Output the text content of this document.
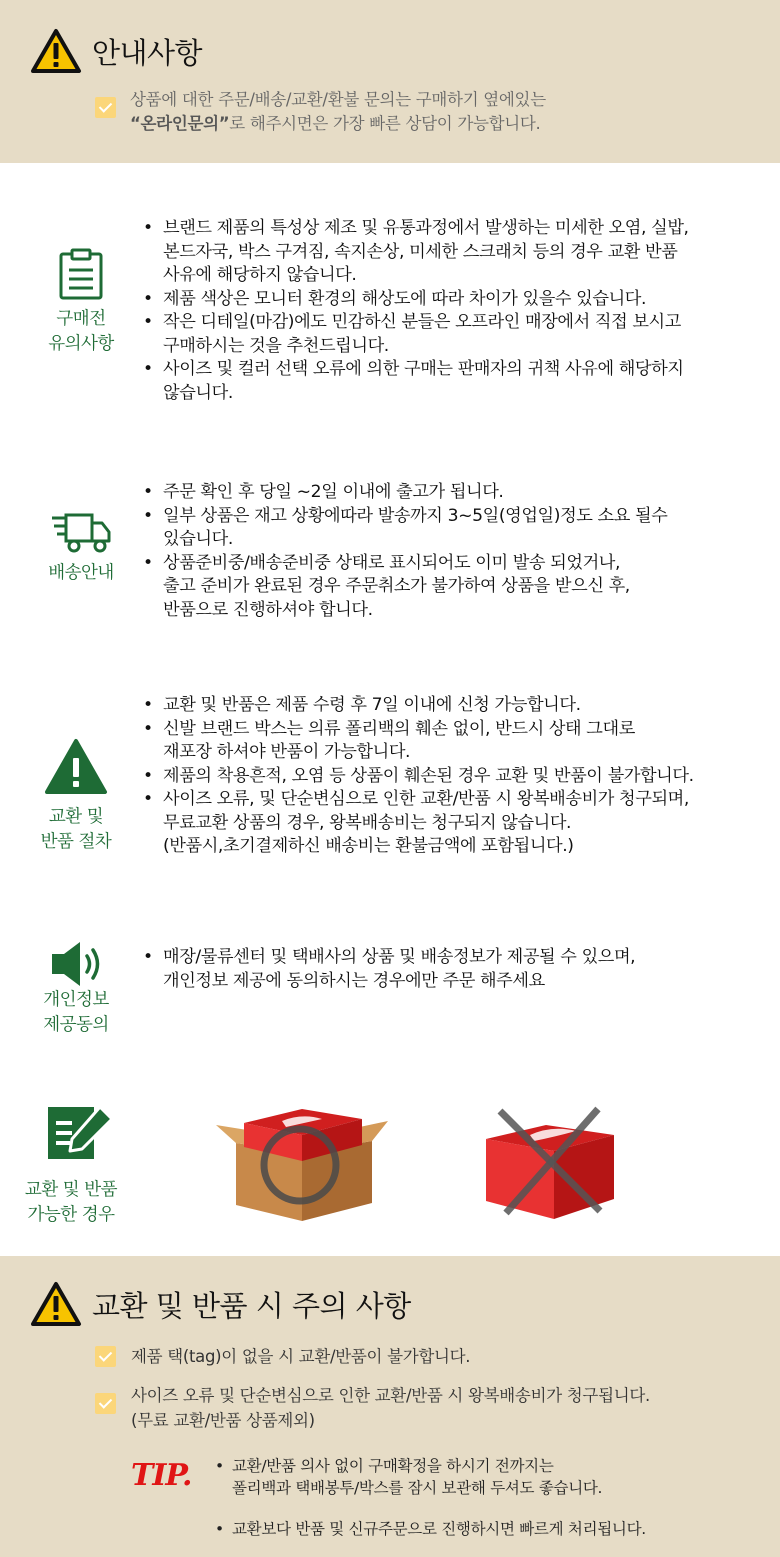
안내사항
상품에 대한 주문/배송/교환/환불 문의는 구매하기 옆에있는
“온라인문의”로 해주시면은 가장 빠른 상담이 가능합니다.
구매전
유의사항
• 브랜드 제품의 특성상 제조 및 유통과정에서 발생하는 미세한 오염, 실밥,
본드자국, 박스 구겨짐, 속지손상, 미세한 스크래치 등의 경우 교환 반품
사유에 해당하지 않습니다.
• 제품 색상은 모니터 환경의 해상도에 따라 차이가 있을수 있습니다.
• 작은 디테일(마감)에도 민감하신 분들은 오프라인 매장에서 직접 보시고
구매하시는 것을 추천드립니다.
• 사이즈 및 컬러 선택 오류에 의한 구매는 판매자의 귀책 사유에 해당하지
않습니다.
배송안내
• 주문 확인 후 당일 ~2일 이내에 출고가 됩니다.
• 일부 상품은 재고 상황에따라 발송까지 3~5일(영업일)정도 소요 될수
있습니다.
• 상품준비중/배송준비중 상태로 표시되어도 이미 발송 되었거나,
출고 준비가 완료된 경우 주문취소가 불가하여 상품을 받으신 후,
반품으로 진행하셔야 합니다.
교환 및
반품 절차
• 교환 및 반품은 제품 수령 후 7일 이내에 신청 가능합니다.
• 신발 브랜드 박스는 의류 폴리백의 훼손 없이, 반드시 상태 그대로
재포장 하셔야 반품이 가능합니다.
• 제품의 착용흔적, 오염 등 상품이 훼손된 경우 교환 및 반품이 불가합니다.
• 사이즈 오류, 및 단순변심으로 인한 교환/반품 시 왕복배송비가 청구되며,
무료교환 상품의 경우, 왕복배송비는 청구되지 않습니다.
(반품시,초기결제하신 배송비는 환불금액에 포함됩니다.)
개인정보
제공동의
• 매장/물류센터 및 택배사의 상품 및 배송정보가 제공될 수 있으며,
개인정보 제공에 동의하시는 경우에만 주문 해주세요
교환 및 반품
가능한 경우
교환 및 반품 시 주의 사항
제품 택(tag)이 없을 시 교환/반품이 불가합니다.
사이즈 오류 및 단순변심으로 인한 교환/반품 시 왕복배송비가 청구됩니다.
(무료 교환/반품 상품제외)
TIP.
•	교환/반품 의사 없이 구매확정을 하시기 전까지는
폴리백과 택배봉투/박스를 잠시 보관해 두셔도 좋습니다.
• 교환보다 반품 및 신규주문으로 진행하시면 빠르게 처리됩니다.
